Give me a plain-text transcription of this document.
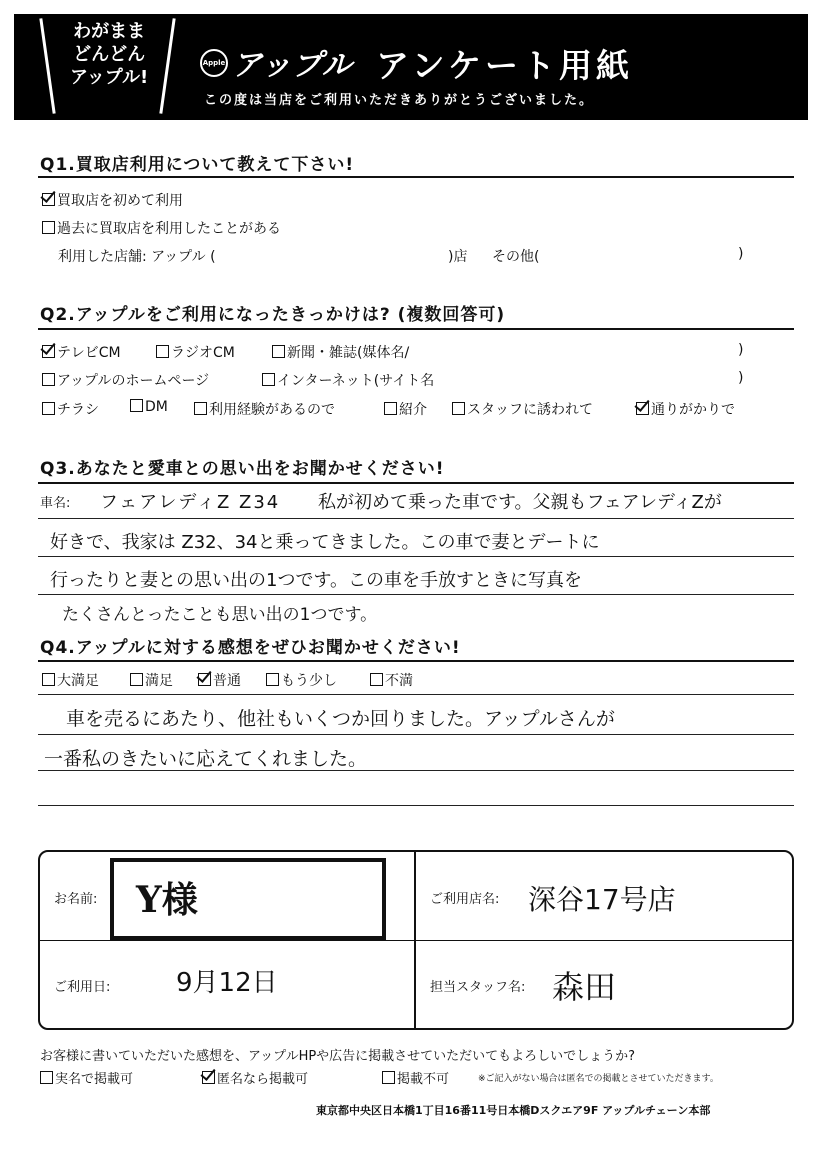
わがまま
どんどん
アップル!
Apple アップル アンケート用紙
この度は当店をご利用いただきありがとうございました。
Q1.買取店利用について教えて下さい!
買取店を初めて利用
過去に買取店を利用したことがある
利用した店舗: アップル (	)店 その他(	)
Q2.アップルをご利用になったきっかけは? (複数回答可)
テレビCM	ラジオCM	新聞・雑誌(媒体名/	)
アップルのホームページ	インターネット(サイト名	)
チラシ	DM	利用経験があるので	紹介	スタッフに誘われて	通りがかりで
Q3.あなたと愛車との思い出をお聞かせください!
車名: フェアレディZ Z34 私が初めて乗った車です。父親もフェアレディZが
好きで、我家は Z32、34と乗ってきました。この車で妻とデートに
行ったりと妻との思い出の1つです。この車を手放すときに写真を
たくさんとったことも思い出の1つです。
Q4.アップルに対する感想をぜひお聞かせください!
大満足	満足	普通	もう少し	不満
車を売るにあたり、他社もいくつか回りました。アップルさんが
一番私のきたいに応えてくれました。
お名前: Y様	ご利用店名: 深谷17号店
ご利用日:	9月12日	担当スタッフ名: 森田
お客様に書いていただいた感想を、アップルHPや広告に掲載させていただいてもよろしいでしょうか?
実名で掲載可	匿名なら掲載可	掲載不可	※ご記入がない場合は匿名での掲載とさせていただきます。
東京都中央区日本橋1丁目16番11号日本橋Dスクエア9F アップルチェーン本部
